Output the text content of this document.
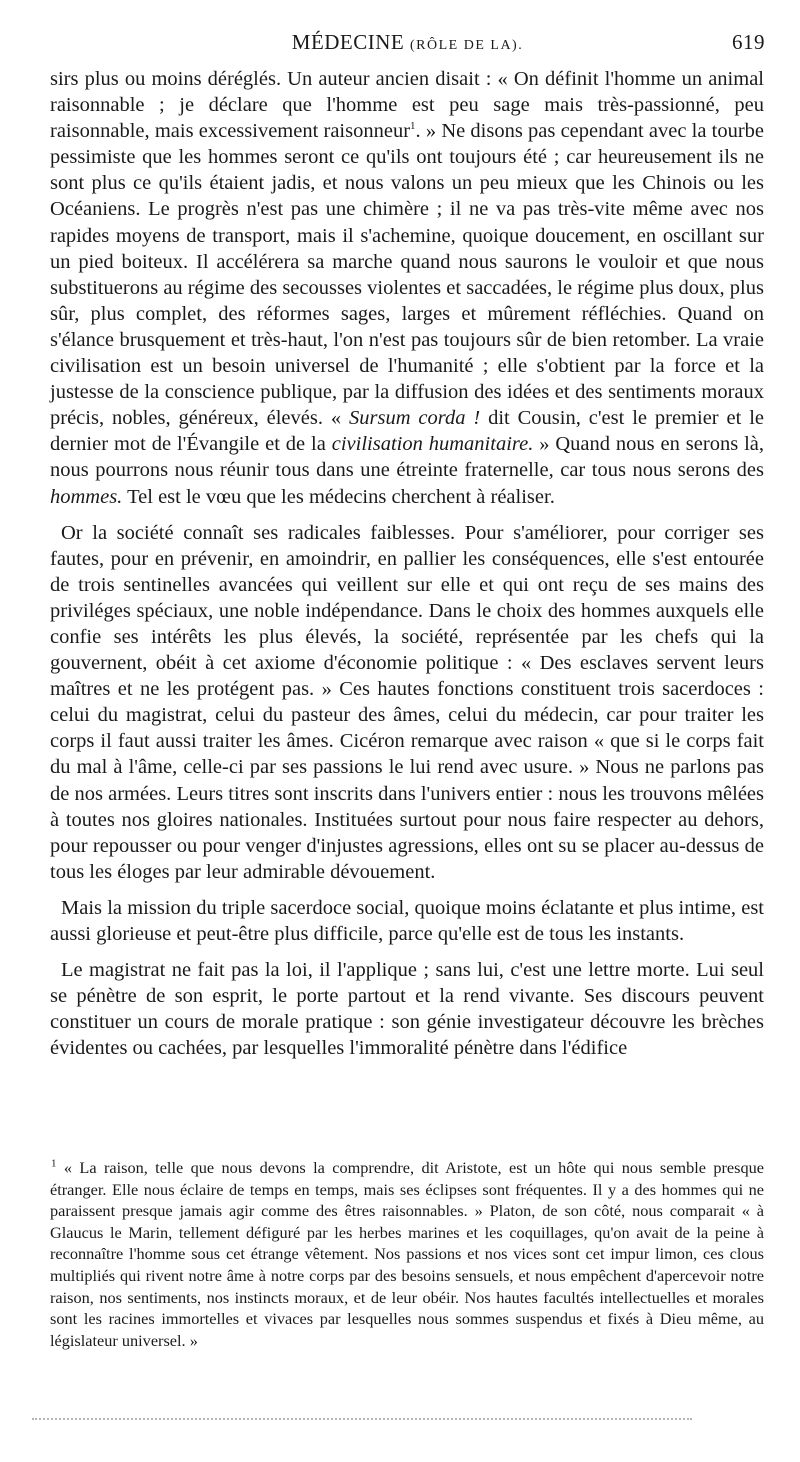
MÉDECINE (RÔLE DE LA).	619

sirs plus ou moins déréglés. Un auteur ancien disait : « On définit l'homme un animal raisonnable ; je déclare que l'homme est peu sage mais très-passionné, peu raisonnable, mais excessivement raisonneur$^1$. » Ne disons pas cependant avec la tourbe pessimiste que les hommes seront ce qu'ils ont toujours été ; car heureusement ils ne sont plus ce qu'ils étaient jadis, et nous valons un peu mieux que les Chinois ou les Océaniens. Le progrès n'est pas une chimère ; il ne va pas très-vite même avec nos rapides moyens de transport, mais il s'achemine, quoique doucement, en oscillant sur un pied boiteux. Il accélérera sa marche quand nous saurons le vouloir et que nous substituerons au régime des secousses violentes et saccadées, le régime plus doux, plus sûr, plus complet, des réformes sages, larges et mûrement réfléchies. Quand on s'élance brusquement et très-haut, l'on n'est pas toujours sûr de bien retomber. La vraie civilisation est un besoin universel de l'humanité ; elle s'obtient par la force et la justesse de la conscience publique, par la diffusion des idées et des sentiments moraux précis, nobles, généreux, élevés. « Sursum corda ! dit Cousin, c'est le premier et le dernier mot de l'Évangile et de la civilisation humanitaire. » Quand nous en serons là, nous pourrons nous réunir tous dans une étreinte fraternelle, car tous nous serons des hommes. Tel est le vœu que les médecins cherchent à réaliser.

Or la société connaît ses radicales faiblesses. Pour s'améliorer, pour corriger ses fautes, pour en prévenir, en amoindrir, en pallier les conséquences, elle s'est entourée de trois sentinelles avancées qui veillent sur elle et qui ont reçu de ses mains des priviléges spéciaux, une noble indépendance. Dans le choix des hommes auxquels elle confie ses intérêts les plus élevés, la société, représentée par les chefs qui la gouvernent, obéit à cet axiome d'économie politique : « Des esclaves servent leurs maîtres et ne les protégent pas. » Ces hautes fonctions constituent trois sacerdoces : celui du magistrat, celui du pasteur des âmes, celui du médecin, car pour traiter les corps il faut aussi traiter les âmes. Cicéron remarque avec raison « que si le corps fait du mal à l'âme, celle-ci par ses passions le lui rend avec usure. » Nous ne parlons pas de nos armées. Leurs titres sont inscrits dans l'univers entier : nous les trouvons mêlées à toutes nos gloires nationales. Instituées surtout pour nous faire respecter au dehors, pour repousser ou pour venger d'injustes agressions, elles ont su se placer au-dessus de tous les éloges par leur admirable dévouement.

Mais la mission du triple sacerdoce social, quoique moins éclatante et plus intime, est aussi glorieuse et peut-être plus difficile, parce qu'elle est de tous les instants.

Le magistrat ne fait pas la loi, il l'applique ; sans lui, c'est une lettre morte. Lui seul se pénètre de son esprit, le porte partout et la rend vivante. Ses discours peuvent constituer un cours de morale pratique : son génie investigateur découvre les brèches évidentes ou cachées, par lesquelles l'immoralité pénètre dans l'édifice

$^1$ « La raison, telle que nous devons la comprendre, dit Aristote, est un hôte qui nous semble presque étranger. Elle nous éclaire de temps en temps, mais ses éclipses sont fréquentes. Il y a des hommes qui ne paraissent presque jamais agir comme des êtres raisonnables. » Platon, de son côté, nous comparait « à Glaucus le Marin, tellement défiguré par les herbes marines et les coquillages, qu'on avait de la peine à reconnaître l'homme sous cet étrange vêtement. Nos passions et nos vices sont cet impur limon, ces clous multipliés qui rivent notre âme à notre corps par des besoins sensuels, et nous empêchent d'apercevoir notre raison, nos sentiments, nos instincts moraux, et de leur obéir. Nos hautes facultés intellectuelles et morales sont les racines immortelles et vivaces par lesquelles nous sommes suspendus et fixés à Dieu même, au législateur universel. »
